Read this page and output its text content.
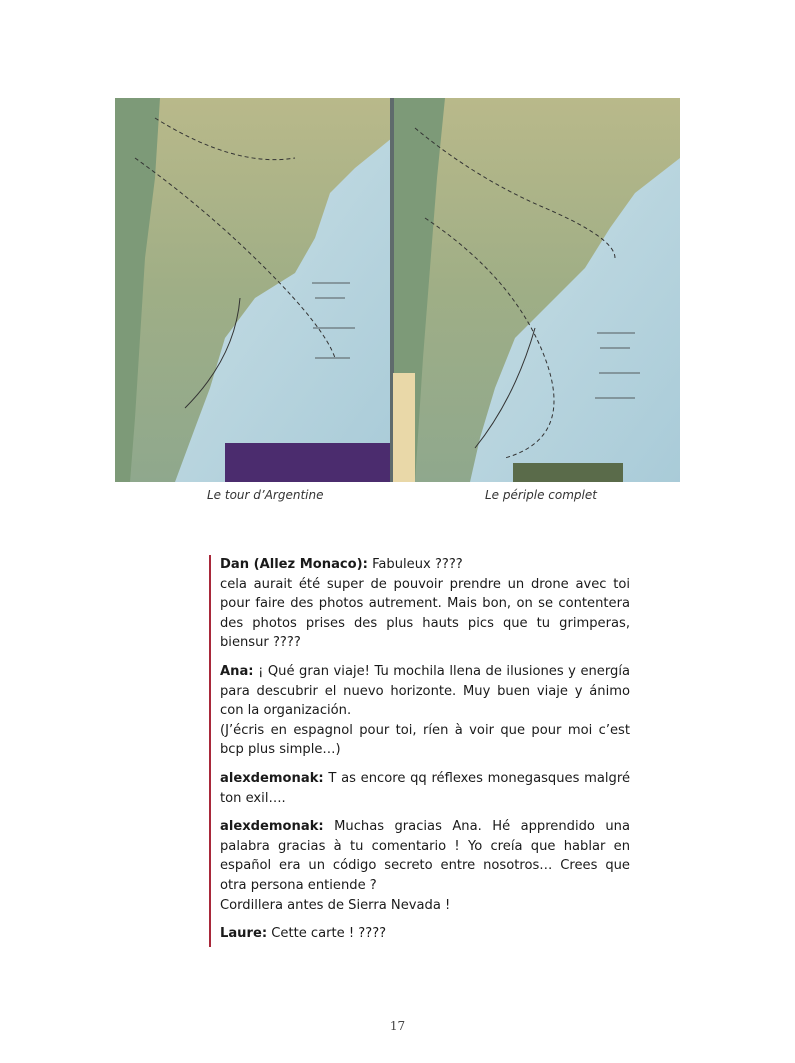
Le tour d’Argentine	Le périple complet
Dan (Allez Monaco): Fabuleux ????
cela aurait été super de pouvoir prendre un drone avec toi pour faire des photos autrement. Mais bon, on se contentera des photos prises des plus hauts pics que tu grimperas, biensur ????
Ana: ¡ Qué gran viaje! Tu mochila llena de ilusiones y energía para descubrir el nuevo horizonte. Muy buen viaje y ánimo con la organización.
(J’écris en espagnol pour toi, ríen à voir que pour moi c’est bcp plus simple…)
alexdemonak: T as encore qq réflexes monegasques malgré ton exil….
alexdemonak: Muchas gracias Ana. Hé apprendido una palabra gracias à tu comentario ! Yo creía que hablar en español era un código secreto entre nosotros… Crees que otra persona entiende ?
Cordillera antes de Sierra Nevada !
Laure: Cette carte ! ????
17
